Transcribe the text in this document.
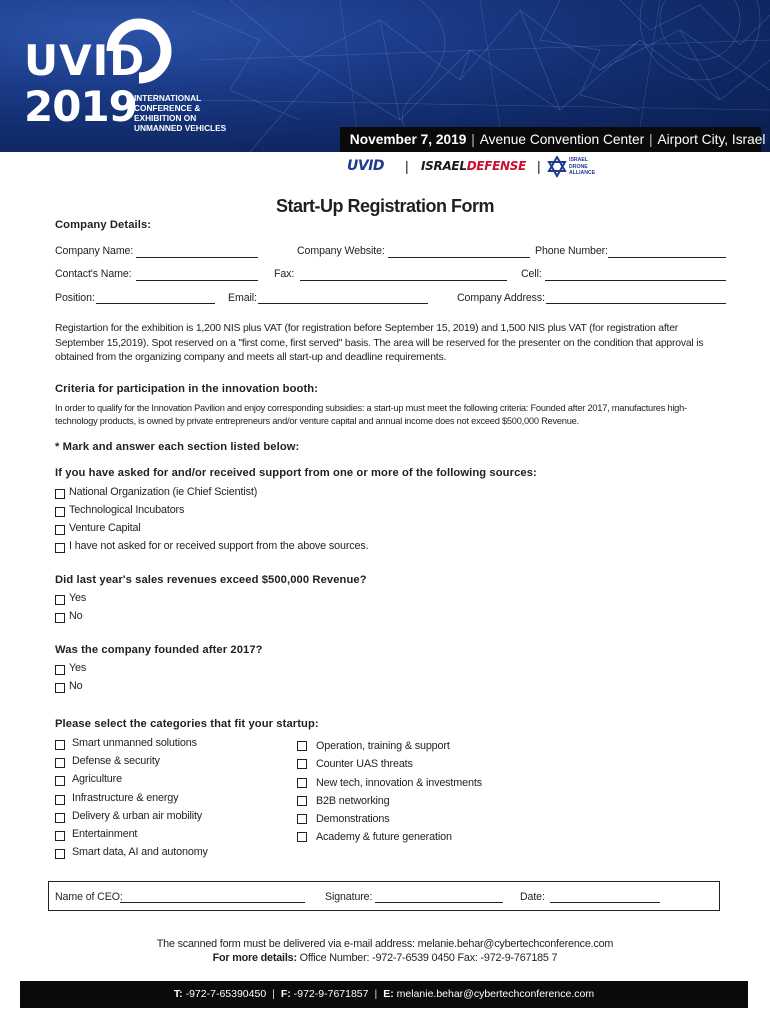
UVID
2019
INTERNATIONAL
CONFERENCE &
EXHIBITION ON
UNMANNED VEHICLES
November 7, 2019 | Avenue Convention Center | Airport City, Israel
UVID | ISRAELDEFENSE |	ISRAEL
DRONE
ALLIANCE
Start-Up Registration Form
Company Details:
Company Name:	Company Website:	Phone Number:
Contact's Name:	Fax:	Cell:
Position:	Email:	Company Address:
Registartion for the exhibition is 1,200 NIS plus VAT (for registration before September 15, 2019) and 1,500 NIS plus VAT (for registration after September 15,2019). Spot reserved on a "first come, first served" basis. The area will be reserved for the presenter on the condition that approval is obtained from the organizing company and meets all start-up and deadline requirements.
Criteria for participation in the innovation booth:
In order to qualify for the Innovation Pavilion and enjoy corresponding subsidies: a start-up must meet the following criteria: Founded after 2017, manufactures high-technology products, is owned by private entrepreneurs and/or venture capital and annual income does not exceed $500,000 Revenue.
* Mark and answer each section listed below:
If you have asked for and/or received support from one or more of the following sources:
National Organization (ie Chief Scientist)
Technological Incubators
Venture Capital
I have not asked for or received support from the above sources.
Did last year's sales revenues exceed $500,000 Revenue?
Yes
No
Was the company founded after 2017?
Yes
No
Please select the categories that fit your startup:
Smart unmanned solutions
Defense & security
Agriculture
Infrastructure & energy
Delivery & urban air mobility
Entertainment
Smart data, AI and autonomy
Operation, training & support
Counter UAS threats
New tech, innovation & investments
B2B networking
Demonstrations
Academy & future generation
Name of CEO:	Signature:	Date:
The scanned form must be delivered via e-mail address: melanie.behar@cybertechconference.com
For more details: Office Number: -972-7-6539 0450 Fax: -972-9-767185 7
T: -972-7-65390450 | F: -972-9-7671857 | E: melanie.behar@cybertechconference.com
